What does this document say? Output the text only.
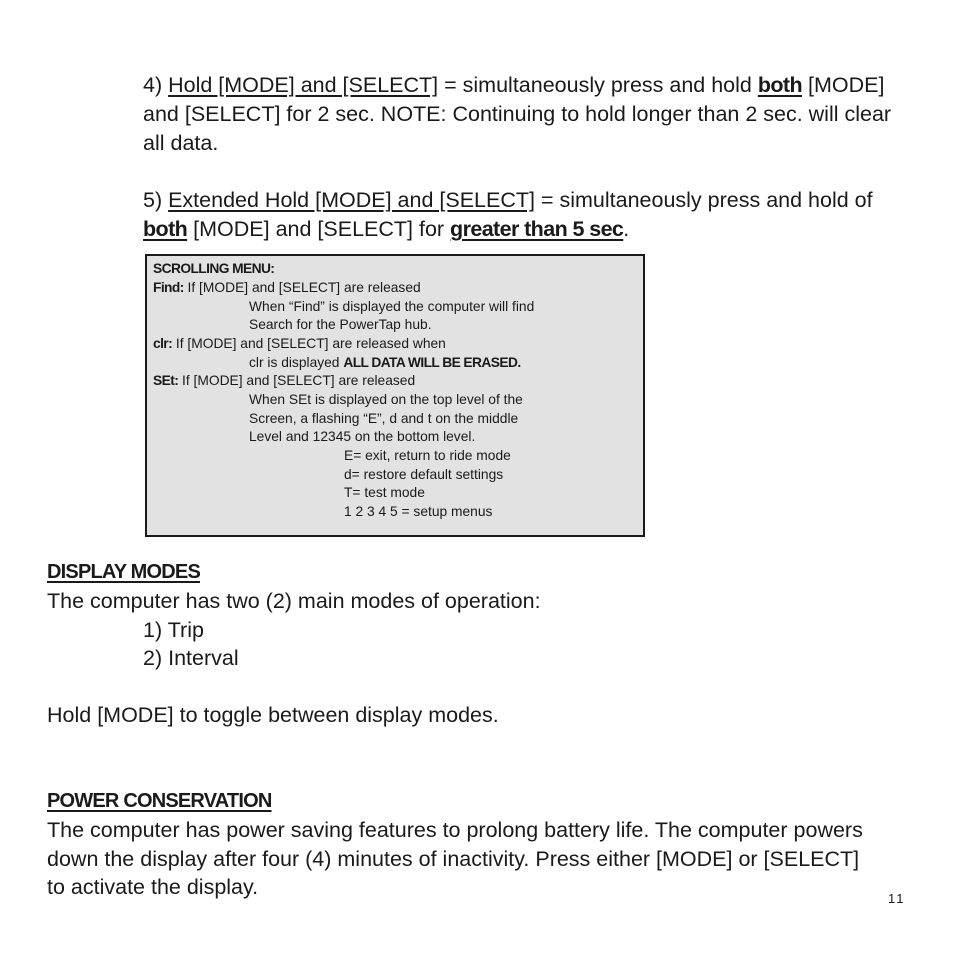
4) Hold [MODE] and [SELECT] = simultaneously press and hold both [MODE]
and [SELECT] for 2 sec. NOTE: Continuing to hold longer than 2 sec. will clear
all data.
5) Extended Hold [MODE] and [SELECT] = simultaneously press and hold of
both [MODE] and [SELECT] for greater than 5 sec.
SCROLLING MENU:
Find: If [MODE] and [SELECT] are released
When “Find” is displayed the computer will find
Search for the PowerTap hub.
clr: If [MODE] and [SELECT] are released when
clr is displayed ALL DATA WILL BE ERASED.
SEt: If [MODE] and [SELECT] are released
When SEt is displayed on the top level of the
Screen, a flashing “E”, d and t on the middle
Level and 12345 on the bottom level.
E= exit, return to ride mode
d= restore default settings
T= test mode
1 2 3 4 5 = setup menus
DISPLAY MODES
The computer has two (2) main modes of operation:
1) Trip
2) Interval
Hold [MODE] to toggle between display modes.
POWER CONSERVATION
The computer has power saving features to prolong battery life. The computer powers
down the display after four (4) minutes of inactivity. Press either [MODE] or [SELECT]
to activate the display.	11
